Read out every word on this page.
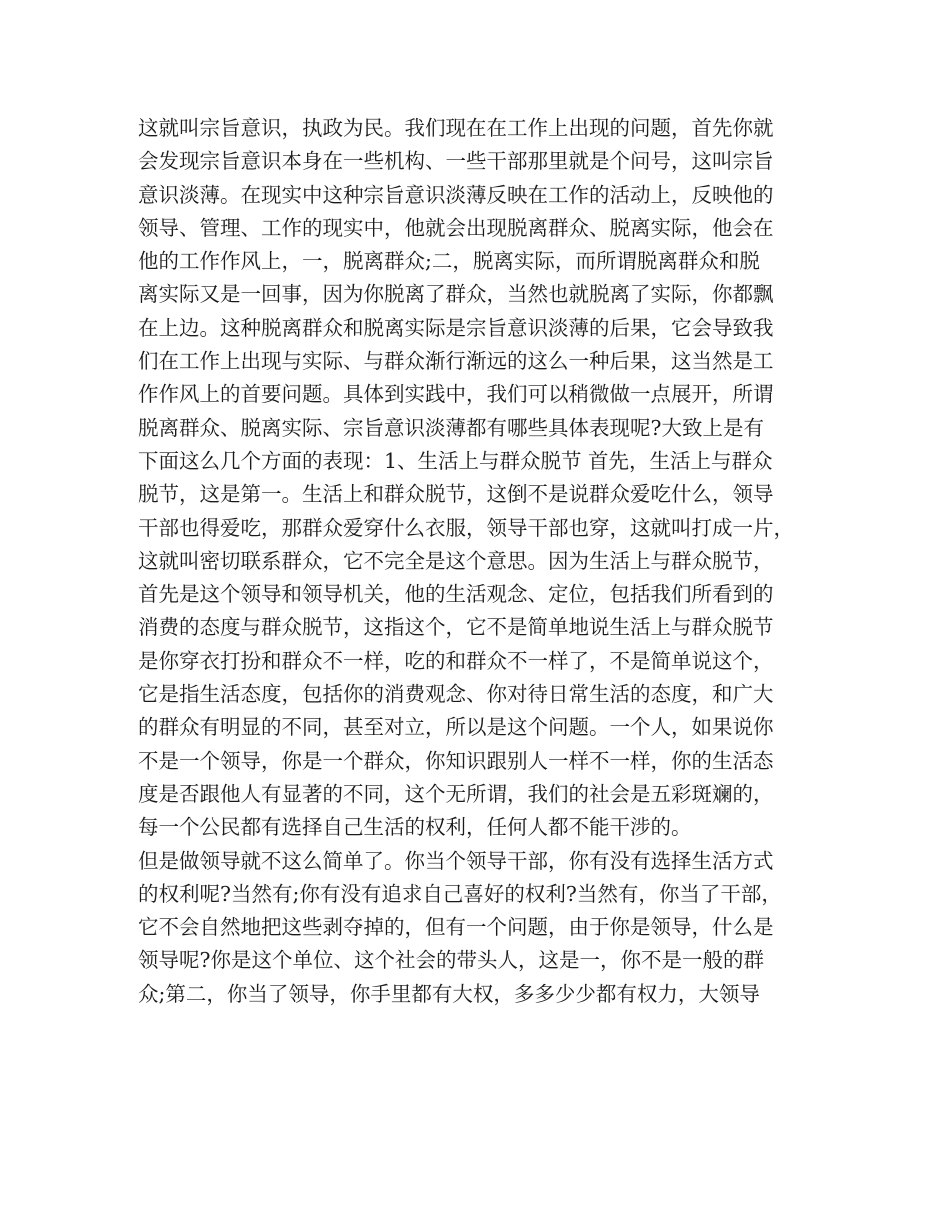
这就叫宗旨意识，执政为民。我们现在在工作上出现的问题，首先你就
会发现宗旨意识本身在一些机构、一些干部那里就是个问号，这叫宗旨
意识淡薄。在现实中这种宗旨意识淡薄反映在工作的活动上，反映他的
领导、管理、工作的现实中，他就会出现脱离群众、脱离实际，他会在
他的工作作风上，一，脱离群众;二，脱离实际，而所谓脱离群众和脱
离实际又是一回事，因为你脱离了群众，当然也就脱离了实际，你都飘
在上边。这种脱离群众和脱离实际是宗旨意识淡薄的后果，它会导致我
们在工作上出现与实际、与群众渐行渐远的这么一种后果，这当然是工
作作风上的首要问题。具体到实践中，我们可以稍微做一点展开，所谓
脱离群众、脱离实际、宗旨意识淡薄都有哪些具体表现呢?大致上是有
下面这么几个方面的表现：1、生活上与群众脱节 首先，生活上与群众
脱节，这是第一。生活上和群众脱节，这倒不是说群众爱吃什么，领导
干部也得爱吃，那群众爱穿什么衣服，领导干部也穿，这就叫打成一片，
这就叫密切联系群众，它不完全是这个意思。因为生活上与群众脱节，
首先是这个领导和领导机关，他的生活观念、定位，包括我们所看到的
消费的态度与群众脱节，这指这个，它不是简单地说生活上与群众脱节
是你穿衣打扮和群众不一样，吃的和群众不一样了，不是简单说这个，
它是指生活态度，包括你的消费观念、你对待日常生活的态度，和广大
的群众有明显的不同，甚至对立，所以是这个问题。一个人，如果说你
不是一个领导，你是一个群众，你知识跟别人一样不一样，你的生活态
度是否跟他人有显著的不同，这个无所谓，我们的社会是五彩斑斓的，
每一个公民都有选择自己生活的权利，任何人都不能干涉的。
但是做领导就不这么简单了。你当个领导干部，你有没有选择生活方式
的权利呢?当然有;你有没有追求自己喜好的权利?当然有，你当了干部，
它不会自然地把这些剥夺掉的，但有一个问题，由于你是领导，什么是
领导呢?你是这个单位、这个社会的带头人，这是一，你不是一般的群
众;第二，你当了领导，你手里都有大权，多多少少都有权力，大领导
